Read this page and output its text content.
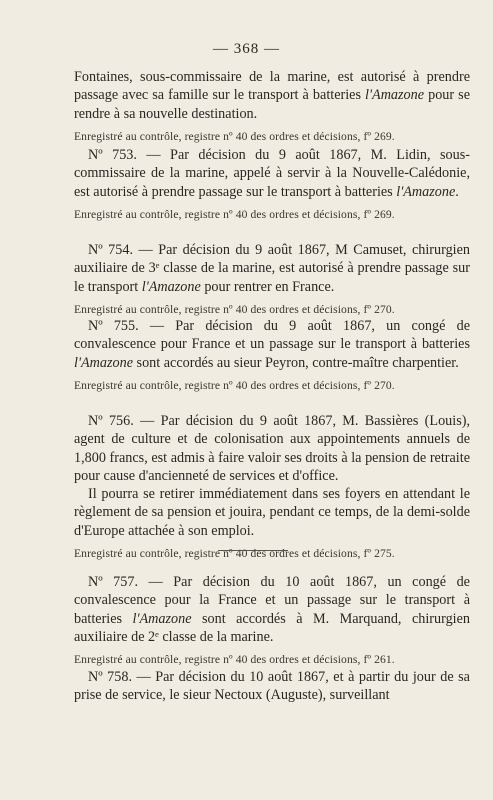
— 368 —

Fontaines, sous-commissaire de la marine, est autorisé à prendre passage avec sa famille sur le transport à batteries l'Amazone pour se rendre à sa nouvelle destination.

Enregistré au contrôle, registre nº 40 des ordres et décisions, fº 269.

Nº 753. — Par décision du 9 août 1867, M. Lidin, sous-commissaire de la marine, appelé à servir à la Nouvelle-Calédonie, est autorisé à prendre passage sur le transport à batteries l'Amazone.

Enregistré au contrôle, registre nº 40 des ordres et décisions, fº 269.

Nº 754. — Par décision du 9 août 1867, M Camuset, chirurgien auxiliaire de 3ᵉ classe de la marine, est autorisé à prendre passage sur le transport l'Amazone pour rentrer en France.

Enregistré au contrôle, registre nº 40 des ordres et décisions, fº 270.

Nº 755. — Par décision du 9 août 1867, un congé de convalescence pour France et un passage sur le transport à batteries l'Amazone sont accordés au sieur Peyron, contre-maître charpentier.

Enregistré au contrôle, registre nº 40 des ordres et décisions, fº 270.

Nº 756. — Par décision du 9 août 1867, M. Bassières (Louis), agent de culture et de colonisation aux appointements annuels de 1,800 francs, est admis à faire valoir ses droits à la pension de retraite pour cause d'ancienneté de services et d'office.

Il pourra se retirer immédiatement dans ses foyers en attendant le règlement de sa pension et jouira, pendant ce temps, de la demi-solde d'Europe attachée à son emploi.

Enregistré au contrôle, registre nº 40 des ordres et décisions, fº 275.

Nº 757. — Par décision du 10 août 1867, un congé de convalescence pour la France et un passage sur le transport à batteries l'Amazone sont accordés à M. Marquand, chirurgien auxiliaire de 2ᵉ classe de la marine.

Enregistré au contrôle, registre nº 40 des ordres et décisions, fº 261.

Nº 758. — Par décision du 10 août 1867, et à partir du jour de sa prise de service, le sieur Nectoux (Auguste), surveillant
